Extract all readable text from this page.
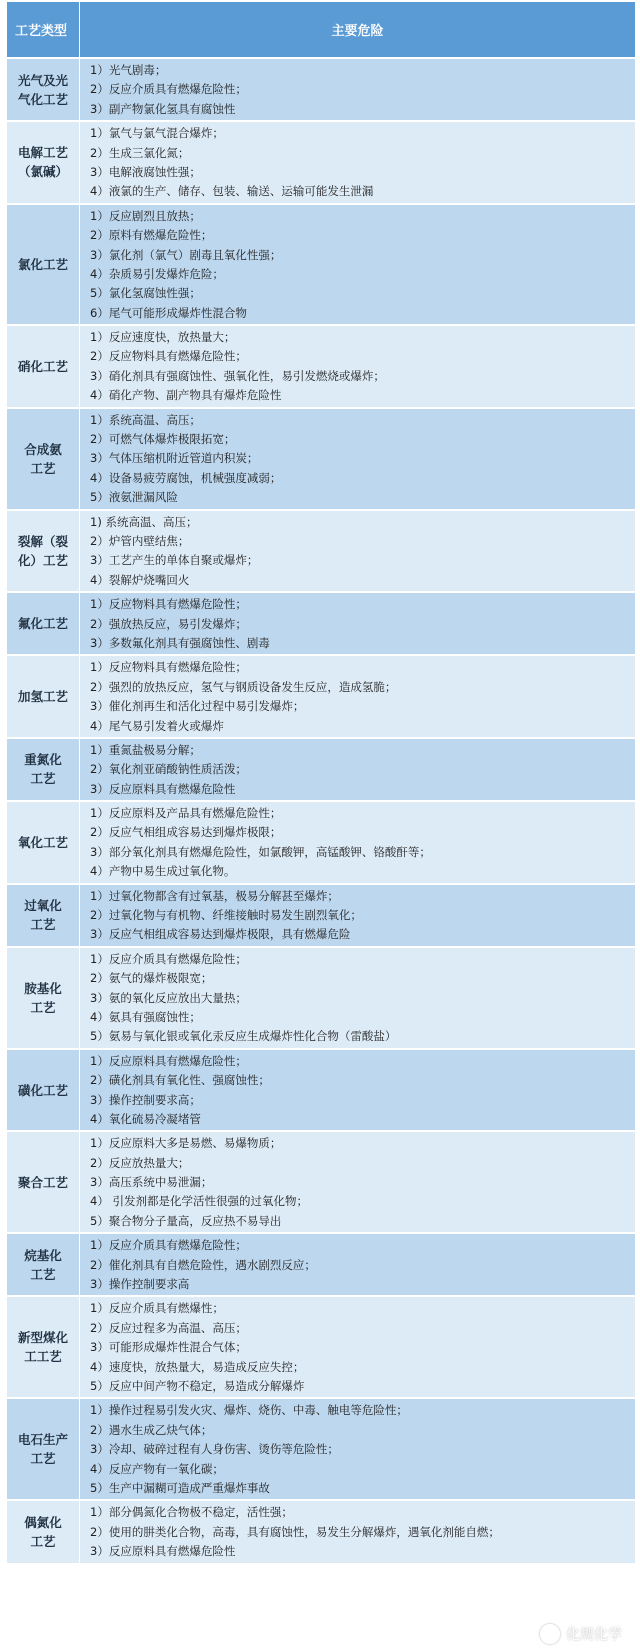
工艺类型	主要危险
光气及光
气化工艺
1）光气剧毒；
2）反应介质具有燃爆危险性；
3）副产物氯化氢具有腐蚀性
电解工艺
（氯碱）
1）氯气与氯气混合爆炸；
2）生成三氯化氮；
3）电解液腐蚀性强；
4）液氯的生产、储存、包装、输送、运输可能发生泄漏
氯化工艺
1）反应剧烈且放热；
2）原料有燃爆危险性；
3）氯化剂（氯气）剧毒且氧化性强；
4）杂质易引发爆炸危险；
5）氯化氢腐蚀性强；
6）尾气可能形成爆炸性混合物
硝化工艺
1）反应速度快，放热量大；
2）反应物料具有燃爆危险性；
3）硝化剂具有强腐蚀性、强氧化性，易引发燃烧或爆炸；
4）硝化产物、副产物具有爆炸危险性
合成氨
工艺
1）系统高温、高压；
2）可燃气体爆炸极限拓宽；
3）气体压缩机附近管道内积炭；
4）设备易疲劳腐蚀，机械强度减弱；
5）液氨泄漏风险
裂解（裂
化）工艺
1) 系统高温、高压；
2）炉管内壁结焦；
3）工艺产生的单体自聚或爆炸；
4）裂解炉烧嘴回火
氟化工艺
1）反应物料具有燃爆危险性；
2）强放热反应，易引发爆炸；
3）多数氟化剂具有强腐蚀性、剧毒
加氢工艺
1）反应物料具有燃爆危险性；
2）强烈的放热反应，氢气与钢质设备发生反应，造成氢脆；
3）催化剂再生和活化过程中易引发爆炸；
4）尾气易引发着火或爆炸
重氮化
工艺
1）重氮盐极易分解；
2）氧化剂亚硝酸钠性质活泼；
3）反应原料具有燃爆危险性
氧化工艺
1）反应原料及产品具有燃爆危险性；
2）反应气相组成容易达到爆炸极限；
3）部分氧化剂具有燃爆危险性，如氯酸钾，高锰酸钾、铬酸酐等；
4）产物中易生成过氧化物。
过氧化
工艺
1）过氧化物都含有过氧基，极易分解甚至爆炸；
2）过氧化物与有机物、纤维接触时易发生剧烈氧化；
3）反应气相组成容易达到爆炸极限，具有燃爆危险
胺基化
工艺
1）反应介质具有燃爆危险性；
2）氨气的爆炸极限宽；
3）氨的氧化反应放出大量热；
4）氨具有强腐蚀性；
5）氨易与氧化银或氧化汞反应生成爆炸性化合物（雷酸盐）
磺化工艺
1）反应原料具有燃爆危险性；
2）磺化剂具有氧化性、强腐蚀性；
3）操作控制要求高；
4）氧化硫易冷凝堵管
聚合工艺
1）反应原料大多是易燃、易爆物质；
2）反应放热量大；
3）高压系统中易泄漏；
4） 引发剂都是化学活性很强的过氧化物；
5）聚合物分子量高，反应热不易导出
烷基化
工艺
1）反应介质具有燃爆危险性；
2）催化剂具有自燃危险性，遇水剧烈反应；
3）操作控制要求高
新型煤化
工工艺
1）反应介质具有燃爆性；
2）反应过程多为高温、高压；
3）可能形成爆炸性混合气体；
4）速度快，放热量大，易造成反应失控；
5）反应中间产物不稳定，易造成分解爆炸
电石生产
工艺
1）操作过程易引发火灾、爆炸、烧伤、中毒、触电等危险性；
2）遇水生成乙炔气体；
3）冷却、破碎过程有人身伤害、烫伤等危险性；
4）反应产物有一氧化碳；
5）生产中漏糊可造成严重爆炸事故
偶氮化
工艺
1）部分偶氮化合物极不稳定，活性强；
2）使用的肼类化合物，高毒，具有腐蚀性，易发生分解爆炸，遇氧化剂能自燃；
3）反应原料具有燃爆危险性
化规化学
